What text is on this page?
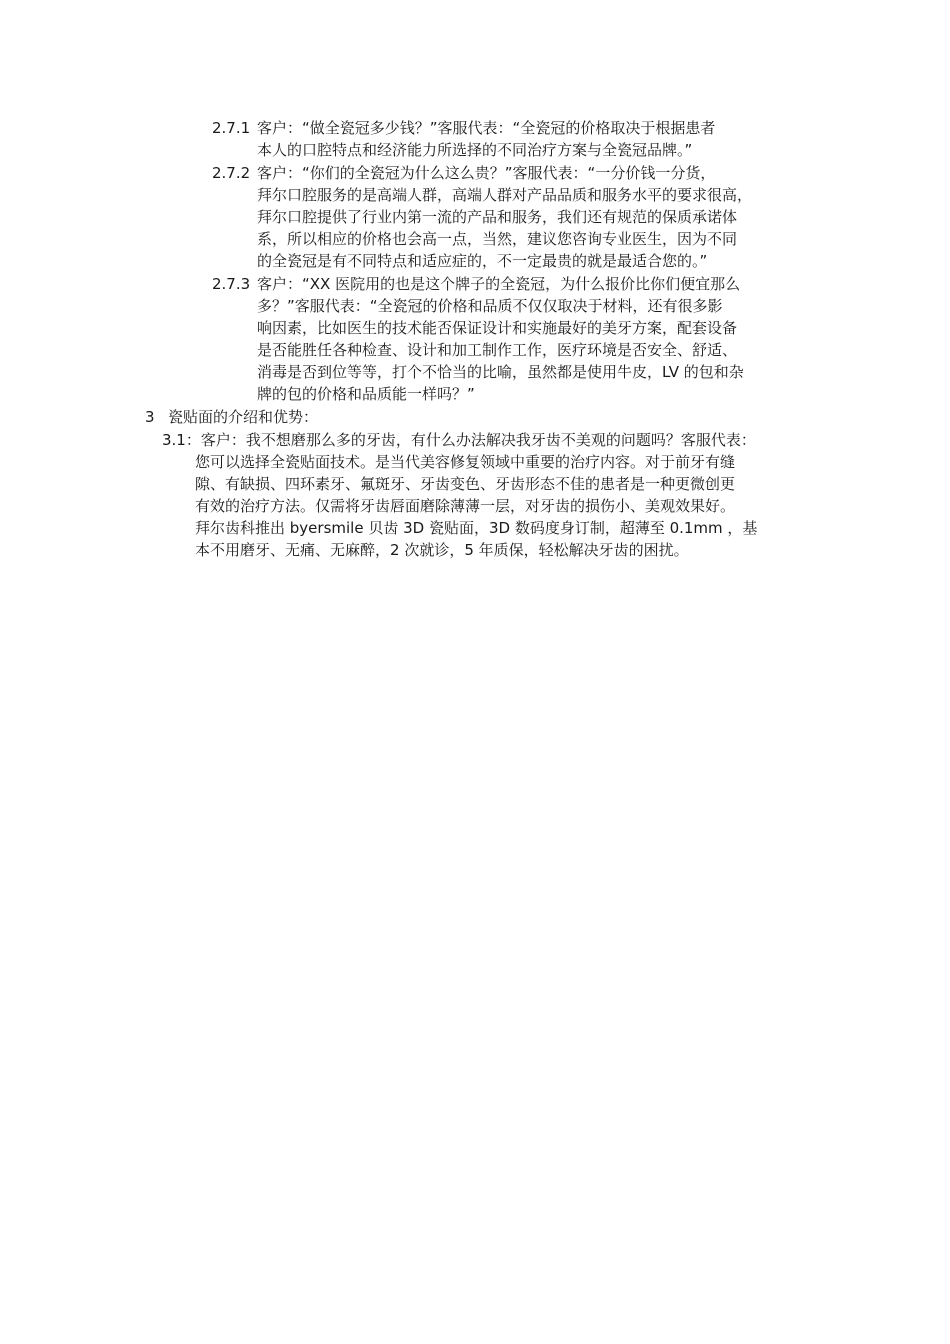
2.7.1 客户：“做全瓷冠多少钱？”客服代表：“全瓷冠的价格取决于根据患者
本人的口腔特点和经济能力所选择的不同治疗方案与全瓷冠品牌。”
2.7.2 客户：“你们的全瓷冠为什么这么贵？”客服代表：“一分价钱一分货，
拜尔口腔服务的是高端人群，高端人群对产品品质和服务水平的要求很高，
拜尔口腔提供了行业内第一流的产品和服务，我们还有规范的保质承诺体
系，所以相应的价格也会高一点，当然，建议您咨询专业医生，因为不同
的全瓷冠是有不同特点和适应症的，不一定最贵的就是最适合您的。”
2.7.3 客户：“XX 医院用的也是这个牌子的全瓷冠，为什么报价比你们便宜那么
多？”客服代表：“全瓷冠的价格和品质不仅仅取决于材料，还有很多影
响因素，比如医生的技术能否保证设计和实施最好的美牙方案，配套设备
是否能胜任各种检查、设计和加工制作工作，医疗环境是否安全、舒适、
消毒是否到位等等，打个不恰当的比喻，虽然都是使用牛皮，LV 的包和杂
牌的包的价格和品质能一样吗？”
3 瓷贴面的介绍和优势：
3.1：客户：我不想磨那么多的牙齿，有什么办法解决我牙齿不美观的问题吗？客服代表：
您可以选择全瓷贴面技术。是当代美容修复领域中重要的治疗内容。对于前牙有缝
隙、有缺损、四环素牙、氟斑牙、牙齿变色、牙齿形态不佳的患者是一种更微创更
有效的治疗方法。仅需将牙齿唇面磨除薄薄一层，对牙齿的损伤小、美观效果好。
拜尔齿科推出 byersmile 贝齿 3D 瓷贴面，3D 数码度身订制，超薄至 0.1mm ，基
本不用磨牙、无痛、无麻醉，2 次就诊，5 年质保，轻松解决牙齿的困扰。
